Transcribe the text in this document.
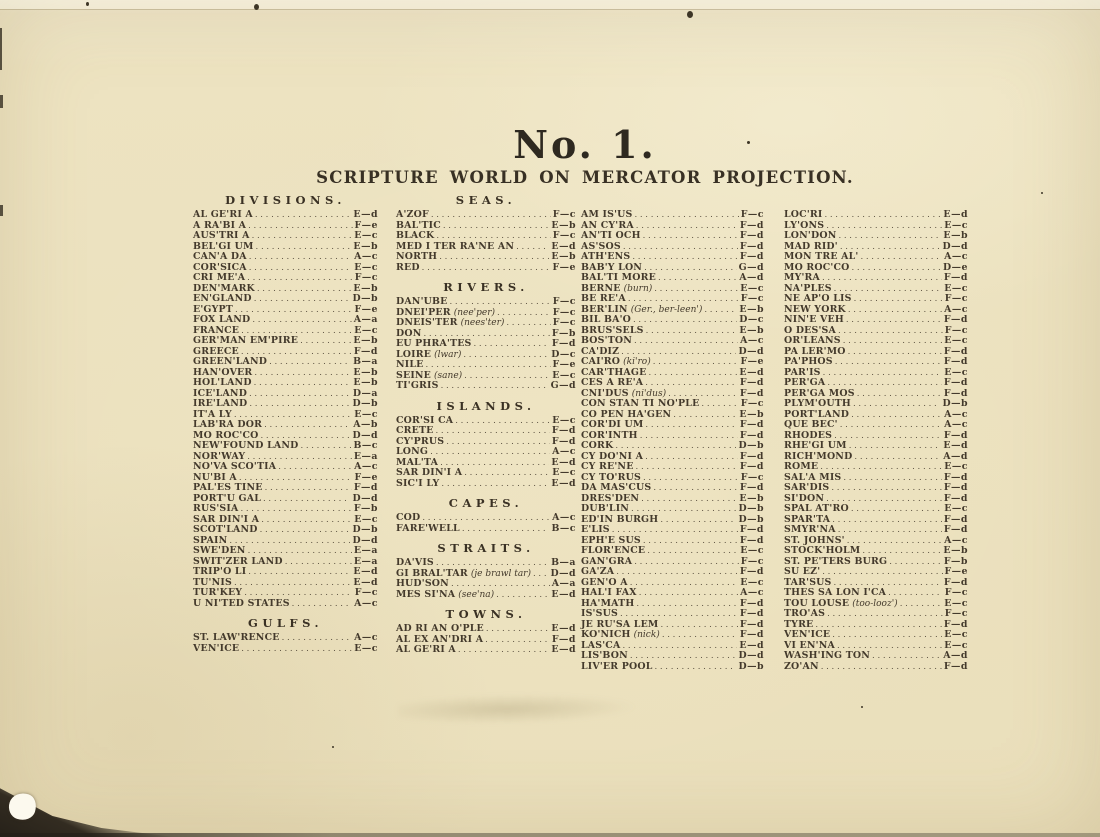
No. 1.
SCRIPTURE WORLD ON MERCATOR PROJECTION.
DIVISIONS.
AL GE'RI A . . .	E—d
A RA'BI A . . .	F—e
AUS'TRI A . . .	E—c
BEL'GI UM . . .	E—b
CAN'A DA . . .	A—c
COR'SICA . . .	E—c
CRI ME'A . . .	F—c
DEN'MARK . . .	E—b
EN'GLAND . . .	D—b
E'GYPT . . .	F—e
FOX LAND . . .	A—a
FRANCE . . .	E—c
GER'MAN EM'PIRE . . .	E—b
GREECE . . .	F—d
GREEN'LAND . . .	B—a
HAN'OVER . . .	E—b
HOL'LAND . . .	E—b
ICE'LAND . . .	D—a
IRE'LAND . . .	D—b
IT'A LY . . .	E—c
LAB'RA DOR . . .	A—b
MO ROC'CO . . .	D—d
NEW'FOUND LAND . . .	B—c
NOR'WAY . . .	E—a
NO'VA SCO'TIA . . .	A—c
NU'BI A . . .	F—e
PAL'ES TINE . . .	F—d
PORT'U GAL . . .	D—d
RUS'SIA . . .	F—b
SAR DIN'I A . . .	E—c
SCOT'LAND . . .	D—b
SPAIN . . .	D—d
SWE'DEN . . .	E—a
SWIT'ZER LAND . . .	E—a
TRIP'O LI . . .	E—d
TU'NIS . . .	E—d
TUR'KEY . . .	F—c
U NI'TED STATES . . .	A—c
GULFS.
ST. LAW'RENCE . . .	A—c
VEN'ICE . . .	E—c
SEAS.
A'ZOF . . .	F—c
BAL'TIC . . .	E—b
BLACK . . .	F—c
MED I TER RA'NE AN . . .	E—d
NORTH . . .	E—b
RED . . .	F—e
RIVERS.
DAN'UBE . . .	F—c
DNEI'PER (nee'per) . . .	F—c
DNEIS'TER (nees'ter) . . .	F—c
DON . . .	F—b
EU PHRA'TES . . .	F—d
LOIRE (lwar) . . .	D—c
NILE . . .	F—e
SEINE (sane) . . .	E—c
TI'GRIS . . .	G—d
ISLANDS.
COR'SI CA . . .	E—c
CRETE . . .	F—d
CY'PRUS . . .	F—d
LONG . . .	A—c
MAL'TA . . .	E—d
SAR DIN'I A . . .	E—c
SIC'I LY . . .	E—d
CAPES.
COD . . .	A—c
FARE'WELL . . .	B—c
STRAITS.
DA'VIS . . .	B—a
GI BRAL'TAR (je brawl tar) . . . D—d
HUD'SON . . .	A—a
MES SI'NA (see'na) . . .	E—d
TOWNS.
AD RI AN O'PLE . . .	E—d
AL EX AN'DRI A . . .	F—d
AL GE'RI A . . .	E—d
AM IS'US . . .	F—c
AN CY'RA . . .	F—d
AN'TI OCH . . .	F—d
AS'SOS . . .	F—d
ATH'ENS . . .	F—d
BAB'Y LON . . .	G—d
BAL'TI MORE . . .	A—d
BERNE (burn) . . .	E—c
BE RE'A . . .	F—c
BER'LIN (Ger., ber-leen') . . .	E—b
BIL BA'O . . .	D—c
BRUS'SELS . . .	E—b
BOS'TON . . .	A—c
CA'DIZ . . .	D—d
CAI'RO (ki'ro) . . .	F—e
CAR'THAGE . . .	E—d
CES A RE'A . . .	F—d
CNI'DUS (ni'dus) . . .	F—d
CON STAN TI NO'PLE . . .	F—c
CO PEN HA'GEN . . .	E—b
COR'DI UM . . .	F—d
COR'INTH . . .	F—d
CORK . . .	D—b
CY DO'NI A . . .	F—d
CY RE'NE . . .	F—d
CY TO'RUS . . .	F—c
DA MAS'CUS . . .	F—d
DRES'DEN . . .	E—b
DUB'LIN . . .	D—b
ED'IN BURGH . . .	D—b
E'LIS . . .	F—d
EPH'E SUS . . .	F—d
FLOR'ENCE . . .	E—c
GAN'GRA . . .	F—c
GA'ZA . . .	F—d
GEN'O A . . .	E—c
HAL'I FAX . . .	A—c
HA'MATH . . .	F—d
IS'SUS . . .	F—d
JE RU'SA LEM . . .	F—d
KO'NICH (nick) . . .	F—d
LAS'CA . . .	E—d
LIS'BON . . .	D—d
LIV'ER POOL . . .	D—b
LOC'RI . . .	E—d
LY'ONS . . .	E—c
LON'DON . . .	E—b
MAD RID' . . .	D—d
MON TRE AL' . . .	A—c
MO ROC'CO . . .	D—e
MY'RA . . .	F—d
NA'PLES . . .	E—c
NE AP'O LIS . . .	F—c
NEW YORK . . .	A—c
NIN'E VEH . . .	F—d
O DES'SA . . .	F—c
OR'LEANS . . .	E—c
PA LER'MO . . .	F—d
PA'PHOS . . .	F—d
PAR'IS . . .	E—c
PER'GA . . .	F—d
PER'GA MOS . . .	F—d
PLYM'OUTH . . .	D—b
PORT'LAND . . .	A—c
QUE BEC' . . .	A—c
RHODES . . .	F—d
RHE'GI UM . . .	E—d
RICH'MOND . . .	A—d
ROME . . .	E—c
SAL'A MIS . . .	F—d
SAR'DIS . . .	F—d
SI'DON . . .	F—d
SPAL AT'RO . . .	E—c
SPAR'TA . . .	F—d
SMYR'NA . . .	F—d
ST. JOHNS' . . .	A—c
STOCK'HOLM . . .	E—b
ST. PE'TERS BURG . . .	F—b
SU EZ' . . .	F—e
TAR'SUS . . .	F—d
THES SA LON I'CA . . .	F—c
TOU LOUSE (too-looz') . . .	E—c
TRO'AS . . .	F—c
TYRE . . .	F—d
VEN'ICE . . .	E—c
VI EN'NA . . .	E—c
WASH'ING TON . . .	A—d
ZO'AN . . .	F—d
